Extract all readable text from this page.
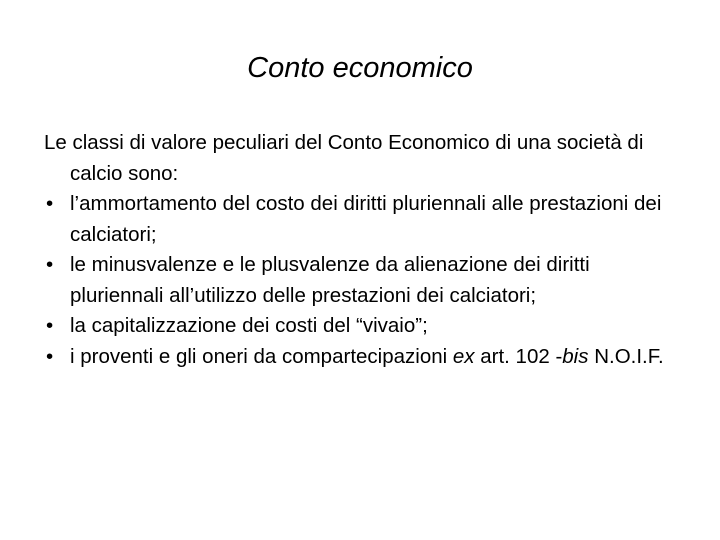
Conto economico

Le classi di valore peculiari del Conto Economico di una società di calcio sono:

• l’ammortamento del costo dei diritti pluriennali alle prestazioni dei calciatori;
• le minusvalenze e le plusvalenze da alienazione dei diritti pluriennali all’utilizzo delle prestazioni dei calciatori;
• la capitalizzazione dei costi del “vivaio”;
• i proventi e gli oneri da compartecipazioni ex art. 102 -bis N.O.I.F.
